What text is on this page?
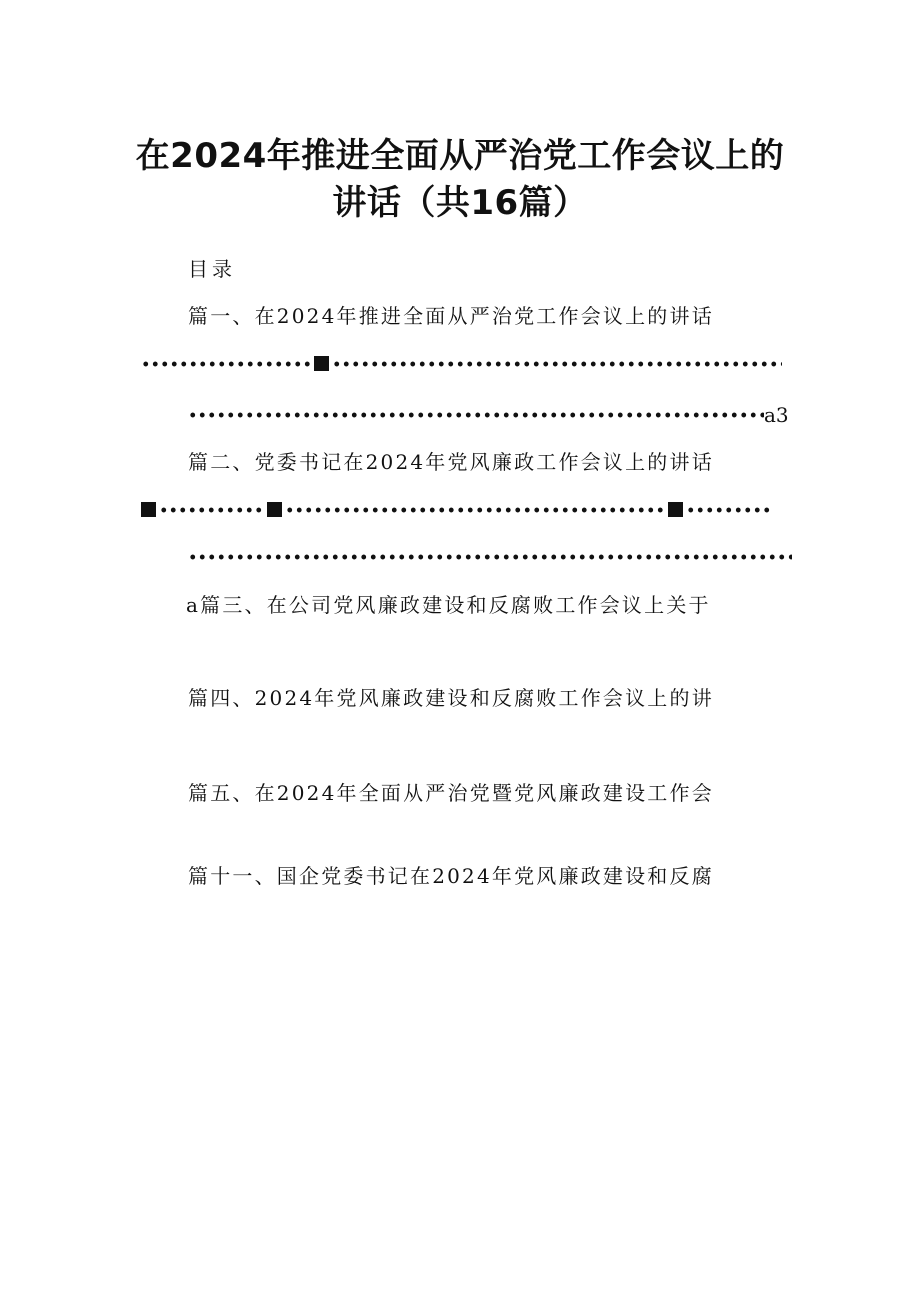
在2024年推进全面从严治党工作会议上的
讲话（共16篇）
目录
篇一、在2024年推进全面从严治党工作会议上的讲话
a3
篇二、党委书记在2024年党风廉政工作会议上的讲话
a篇三、在公司党风廉政建设和反腐败工作会议上关于
篇四、2024年党风廉政建设和反腐败工作会议上的讲
篇五、在2024年全面从严治党暨党风廉政建设工作会
篇十一、国企党委书记在2024年党风廉政建设和反腐
